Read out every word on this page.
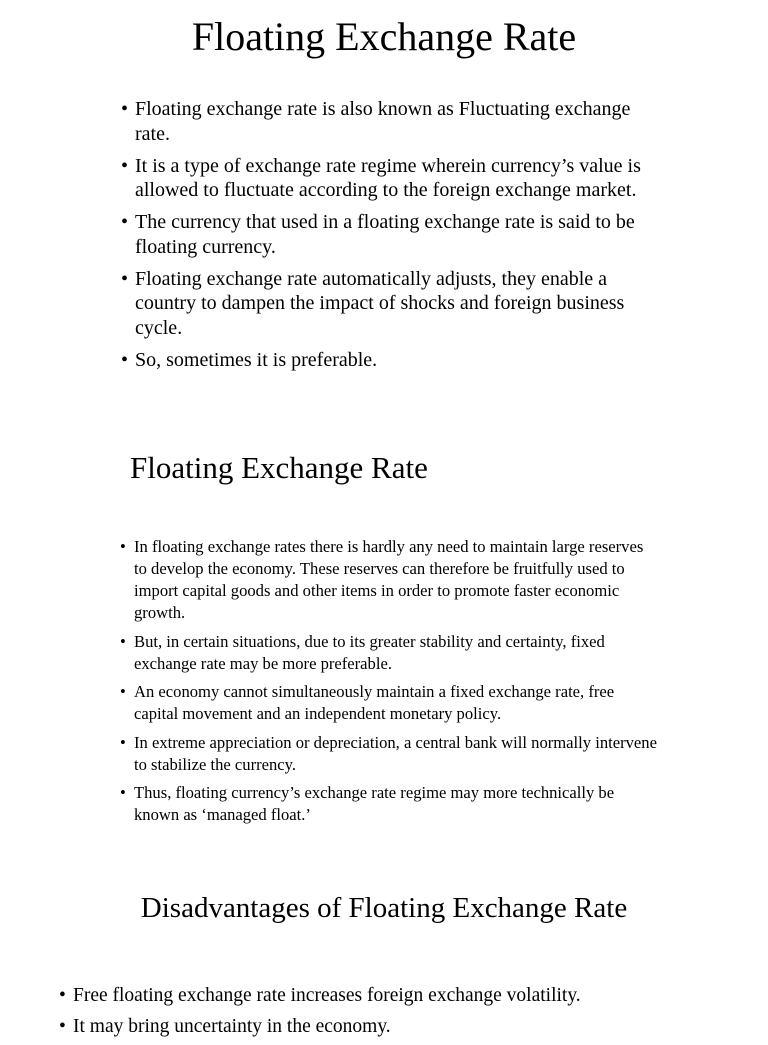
Floating Exchange Rate
• Floating exchange rate is also known as Fluctuating exchange rate.
• It is a type of exchange rate regime wherein currency’s value is allowed to fluctuate according to the foreign exchange market.
• The currency that used in a floating exchange rate is said to be floating currency.
• Floating exchange rate automatically adjusts, they enable a country to dampen the impact of shocks and foreign business cycle.
• So, sometimes it is preferable.
Floating Exchange Rate
• In floating exchange rates there is hardly any need to maintain large reserves to develop the economy. These reserves can therefore be fruitfully used to import capital goods and other items in order to promote faster economic growth.
• But, in certain situations, due to its greater stability and certainty, fixed exchange rate may be more preferable.
• An economy cannot simultaneously maintain a fixed exchange rate, free capital movement and an independent monetary policy.
• In extreme appreciation or depreciation, a central bank will normally intervene to stabilize the currency.
• Thus, floating currency’s exchange rate regime may more technically be known as ‘managed float.’
Disadvantages of Floating Exchange Rate
• Free floating exchange rate increases foreign exchange volatility.
• It may bring uncertainty in the economy.
